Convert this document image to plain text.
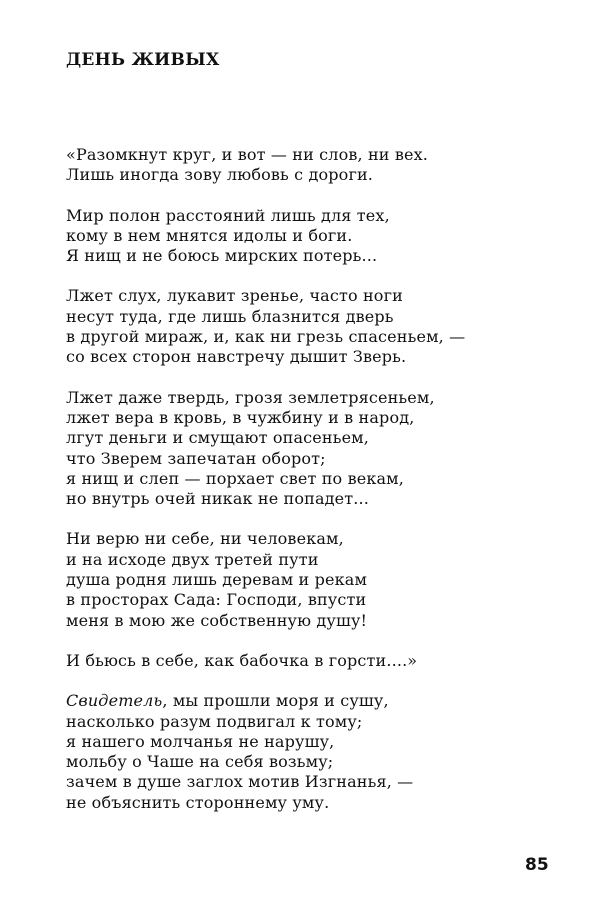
ДЕНЬ ЖИВЫХ
«Разомкнут круг, и вот — ни слов, ни вех.
Лишь иногда зову любовь с дороги.
Мир полон расстояний лишь для тех,
кому в нем мнятся идолы и боги.
Я нищ и не боюсь мирских потерь...
Лжет слух, лукавит зренье, часто ноги
несут туда, где лишь блазнится дверь
в другой мираж, и, как ни грезь спасеньем, —
со всех сторон навстречу дышит Зверь.
Лжет даже твердь, грозя землетрясеньем,
лжет вера в кровь, в чужбину и в народ,
лгут деньги и смущают опасеньем,
что Зверем запечатан оборот;
я нищ и слеп — порхает свет по векам,
но внутрь очей никак не попадет...
Ни верю ни себе, ни человекам,
и на исходе двух третей пути
душа родня лишь деревам и рекам
в просторах Сада: Господи, впусти
меня в мою же собственную душу!
И бьюсь в себе, как бабочка в горсти....»
Свидетель, мы прошли моря и сушу,
насколько разум подвигал к тому;
я нашего молчанья не нарушу,
мольбу о Чаше на себя возьму;
зачем в душе заглох мотив Изгнанья, —
не объяснить стороннему уму.
85
